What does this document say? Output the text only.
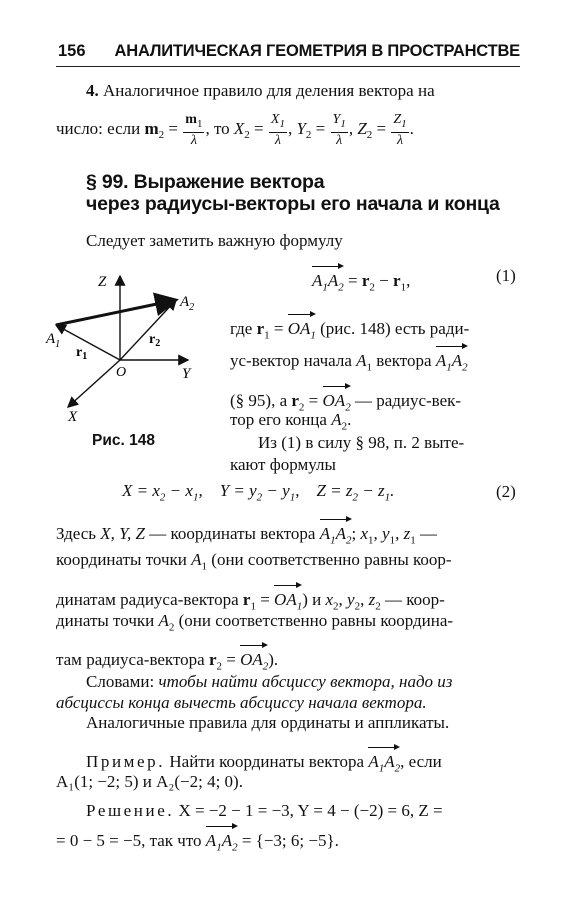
156 АНАЛИТИЧЕСКАЯ ГЕОМЕТРИЯ В ПРОСТРАНСТВЕ
4. Аналогичное правило для деления вектора на
число: если $m_2 = \frac{m_1}{\lambda}$ , то $X_2 = \frac{X_1}{\lambda}$ , $Y_2 = \frac{Y_1}{\lambda}$ , $Z_2 = \frac{Z_1}{\lambda}$ .
§ 99. Выражение вектора
через радиусы-векторы его начала и конца
Следует заметить важную формулу
$A_1A_2 = r_2 - r_1$,	(1)
Z
Y
X
O
$A_2$
$A_1$
$r_1$
$r_2$
Рис. 148
где $r_1 = OA_1$ (рис. 148) есть ради-
ус-вектор начала $A_1$ вектора $A_1A_2$
(§ 95), а $r_2 = OA_2$ — радиус-век-
тор его конца $A_2$.
Из (1) в силу § 98, п. 2 выте-
кают формулы
$X = x_2 - x_1$,    $Y = y_2 - y_1$,    $Z = z_2 - z_1$.	(2)
Здесь X, Y, Z — координаты вектора $A_1A_2$; $x_1$, $y_1$, $z_1$ —
координаты точки $A_1$ (они соответственно равны коор-
динатам радиуса-вектора $r_1 = OA_1$) и $x_2$, $y_2$, $z_2$ — коор-
динаты точки $A_2$ (они соответственно равны координа-
там радиуса-вектора $r_2 = OA_2$).
Словами: чтобы найти абсциссу вектора, надо из
абсциссы конца вычесть абсциссу начала вектора.
Аналогичные правила для ординаты и аппликаты.
Пример. Найти координаты вектора $A_1A_2$, если
A₁(1; −2; 5) и A₂(−2; 4; 0).
Решение. X = −2 − 1 = −3, Y = 4 − (−2) = 6, Z =
= 0 − 5 = −5, так что $A_1A_2 = \{-3$; 6; −5}.
